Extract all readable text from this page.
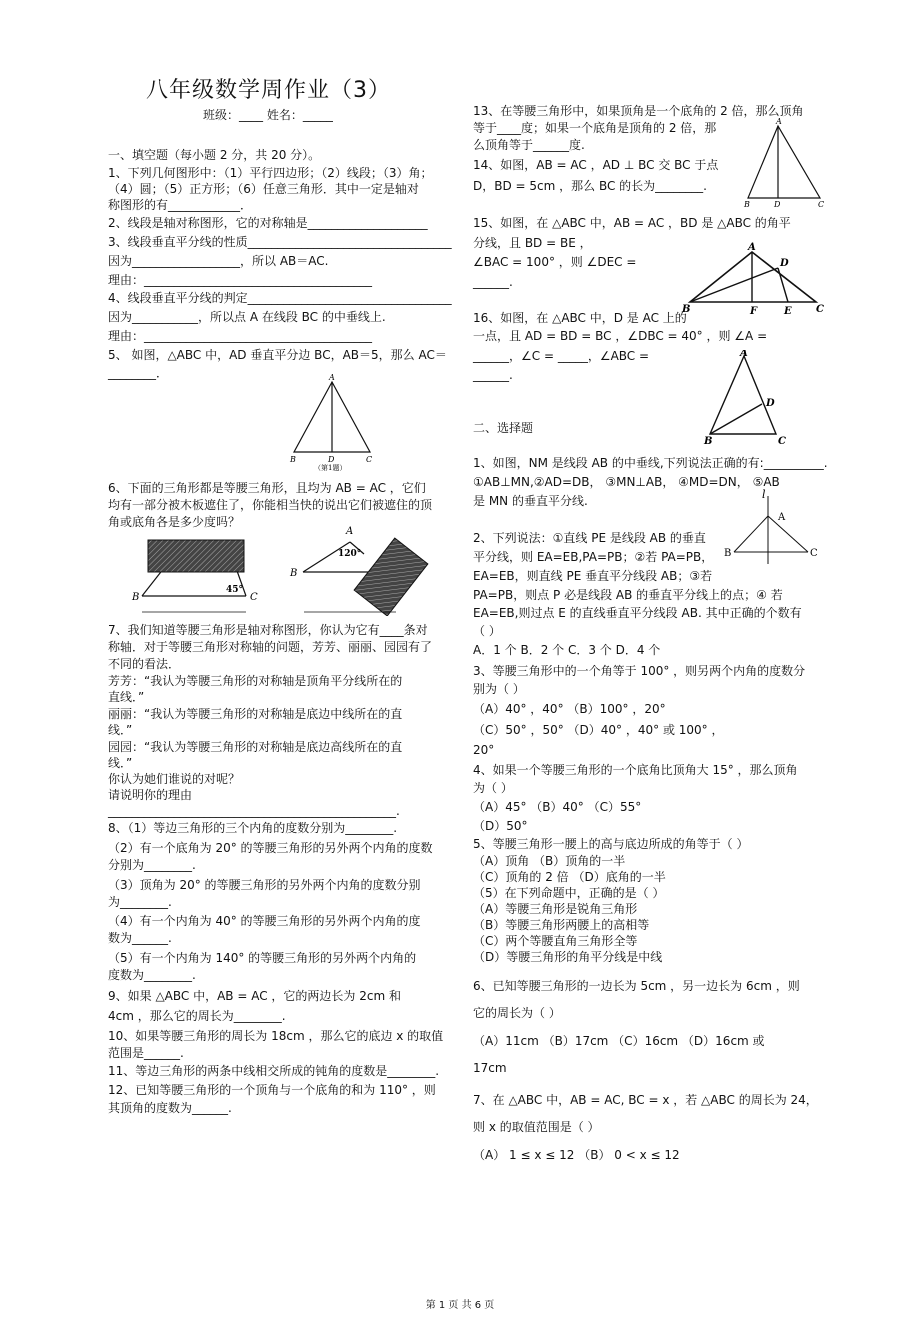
八年级数学周作业（3）
班级：____ 姓名：_____
一、填空题（每小题 2 分，共 20 分）。
1、下列几何图形中：（1）平行四边形；（2）线段；（3）角；
（4）圆；（5）正方形；（6）任意三角形．其中一定是轴对
称图形的有____________．
2、线段是轴对称图形，它的对称轴是____________________
3、线段垂直平分线的性质__________________________________
因为__________________，所以 AB＝AC.
理由：______________________________________
4、线段垂直平分线的判定__________________________________
因为___________，所以点 A 在线段 BC 的中垂线上.
理由：______________________________________
5、 如图，△ABC 中，AD 垂直平分边 BC，AB＝5，那么 AC＝
________．
6、下面的三角形都是等腰三角形，且均为 AB = AC ，它们
均有一部分被木板遮住了，你能相当快的说出它们被遮住的顶
角或底角各是多少度吗？
7、我们知道等腰三角形是轴对称图形，你认为它有____条对
称轴．对于等腰三角形对称轴的问题，芳芳、丽丽、园园有了
不同的看法．
芳芳：“我认为等腰三角形的对称轴是顶角平分线所在的
直线．”
丽丽：“我认为等腰三角形的对称轴是底边中线所在的直
线．”
园园：“我认为等腰三角形的对称轴是底边高线所在的直
线．”
你认为她们谁说的对呢？
请说明你的理由
________________________________________________.
8、（1）等边三角形的三个内角的度数分别为________.
（2）有一个底角为 20° 的等腰三角形的另外两个内角的度数
分别为________.
（3）顶角为 20° 的等腰三角形的另外两个内角的度数分别
为________.
（4）有一个内角为 40° 的等腰三角形的另外两个内角的度
数为______.
（5）有一个内角为 140° 的等腰三角形的另外两个内角的
度数为________.
9、如果 △ABC 中，AB = AC ，它的两边长为 2cm 和
4cm ，那么它的周长为________.
10、如果等腰三角形的周长为 18cm ，那么它的底边 x 的取值
范围是______.
11、等边三角形的两条中线相交所成的钝角的度数是________.
12、已知等腰三角形的一个顶角与一个底角的和为 110° ，则
其顶角的度数为______.
13、在等腰三角形中，如果顶角是一个底角的 2 倍，那么顶角
等于____度；如果一个底角是顶角的 2 倍，那
么顶角等于______度.
14、如图，AB = AC ，AD ⊥ BC 交 BC 于点
D，BD = 5cm ，那么 BC 的长为________.
15、如图，在 △ABC 中，AB = AC ，BD 是 △ABC 的角平
分线，且 BD = BE ，
∠BAC = 100° ，则 ∠DEC =
______.
16、如图，在 △ABC 中，D 是 AC 上的
一点，且 AD = BD = BC ，∠DBC = 40° ，则 ∠A =
______，∠C = _____，∠ABC =
______.
二、选择题
1、如图，NM 是线段 AB 的中垂线,下列说法正确的有:__________.
①AB⊥MN,②AD=DB， ③MN⊥AB， ④MD=DN， ⑤AB
是 MN 的垂直平分线.
2、下列说法：①直线 PE 是线段 AB 的垂直
平分线，则 EA=EB,PA=PB；②若 PA=PB，
EA=EB，则直线 PE 垂直平分线段 AB；③若
PA=PB，则点 P 必是线段 AB 的垂直平分线上的点；④ 若
EA=EB,则过点 E 的直线垂直平分线段 AB. 其中正确的个数有
（ ）
A．1 个 B．2 个 C．3 个 D．4 个
3、等腰三角形中的一个角等于 100° ，则另两个内角的度数分
别为（ ）
（A）40° ，40° （B）100° ，20°
（C）50° ，50° （D）40° ，40° 或 100° ，
20°
4、如果一个等腰三角形的一个底角比顶角大 15° ，那么顶角
为（ ）
（A）45° （B）40° （C）55°
（D）50°
5、等腰三角形一腰上的高与底边所成的角等于（ ）
（A）顶角 （B）顶角的一半
（C）顶角的 2 倍 （D）底角的一半
（5）在下列命题中，正确的是（ ）
（A）等腰三角形是锐角三角形
（B）等腰三角形两腰上的高相等
（C）两个等腰直角三角形全等
（D）等腰三角形的角平分线是中线
6、已知等腰三角形的一边长为 5cm ，另一边长为 6cm ，则
它的周长为（ ）
（A）11cm （B）17cm （C）16cm （D）16cm 或
17cm
7、在 △ABC 中，AB = AC, BC = x ，若 △ABC 的周长为 24，
则 x 的取值范围是（ ）
（A） 1 ≤ x ≤ 12 （B） 0 < x ≤ 12
A
B	D	C
（第1题）
B	C
45°
A
B
120°
A
B	D	C
A
D
B	F	E C
A
D
B	C
l
A
B	C
第 1 页 共 6 页
